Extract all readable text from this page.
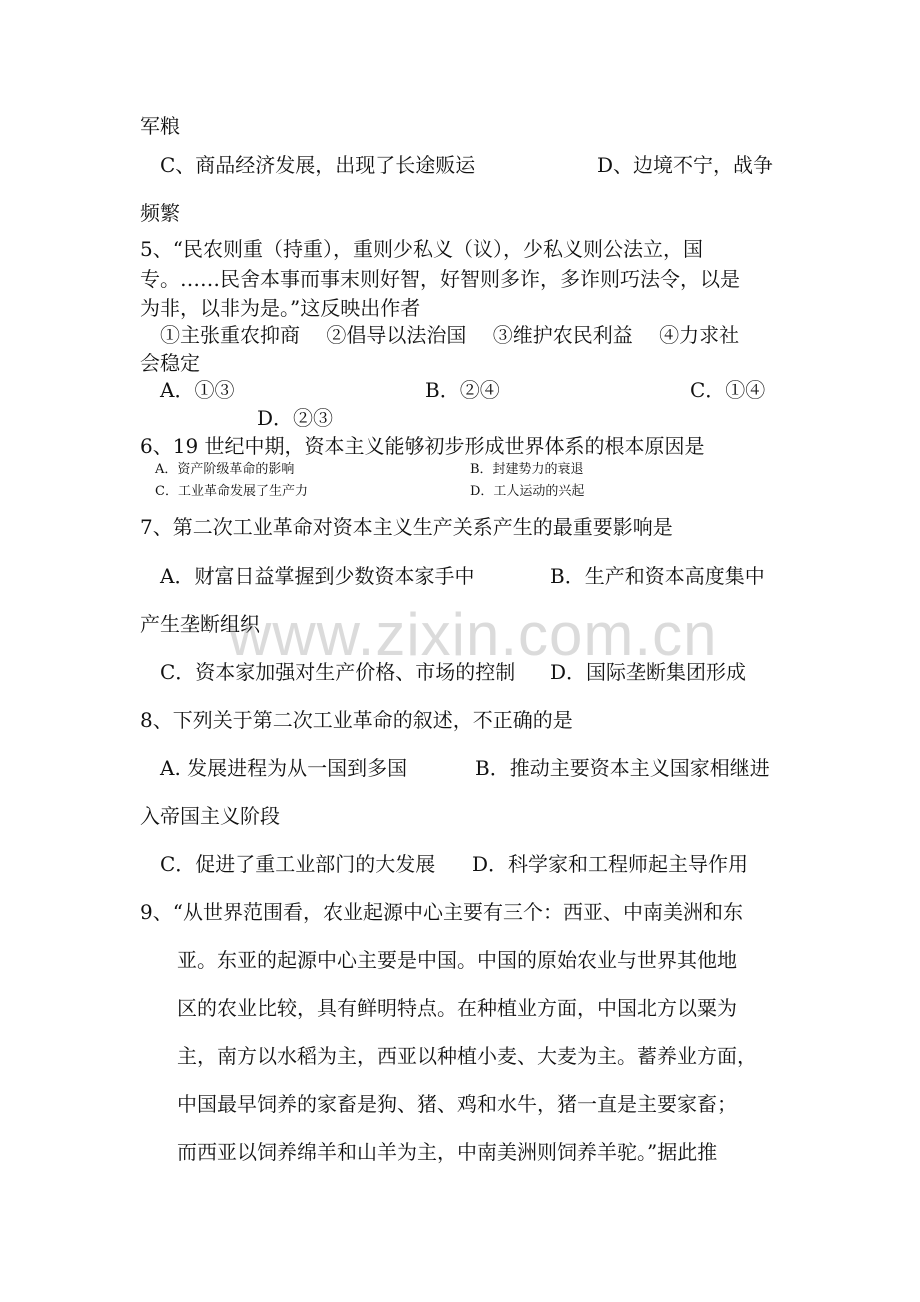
www.zixin.com.cn
军粮
C、商品经济发展，出现了长途贩运	D、边境不宁，战争
频繁
5、“民农则重（持重），重则少私义（议），少私义则公法立，国
专。……民舍本事而事末则好智，好智则多诈，多诈则巧法令，以是
为非，以非为是。”这反映出作者
①主张重农抑商　 ②倡导以法治国　 ③维护农民利益　 ④力求社
会稳定
A．①③	B．②④	C．①④
D．②③
6、19 世纪中期，资本主义能够初步形成世界体系的根本原因是
A．资产阶级革命的影响	B．封建势力的衰退
C．工业革命发展了生产力	D．工人运动的兴起
7、第二次工业革命对资本主义生产关系产生的最重要影响是
A．财富日益掌握到少数资本家手中	B．生产和资本高度集中
产生垄断组织
C．资本家加强对生产价格、市场的控制 D．国际垄断集团形成
8、下列关于第二次工业革命的叙述，不正确的是
A. 发展进程为从一国到多国	B．推动主要资本主义国家相继进
入帝国主义阶段
C．促进了重工业部门的大发展 D．科学家和工程师起主导作用
9、“从世界范围看，农业起源中心主要有三个：西亚、中南美洲和东
亚。东亚的起源中心主要是中国。中国的原始农业与世界其他地
区的农业比较，具有鲜明特点。在种植业方面，中国北方以粟为
主，南方以水稻为主，西亚以种植小麦、大麦为主。蓄养业方面，
中国最早饲养的家畜是狗、猪、鸡和水牛，猪一直是主要家畜；
而西亚以饲养绵羊和山羊为主，中南美洲则饲养羊驼。”据此推
